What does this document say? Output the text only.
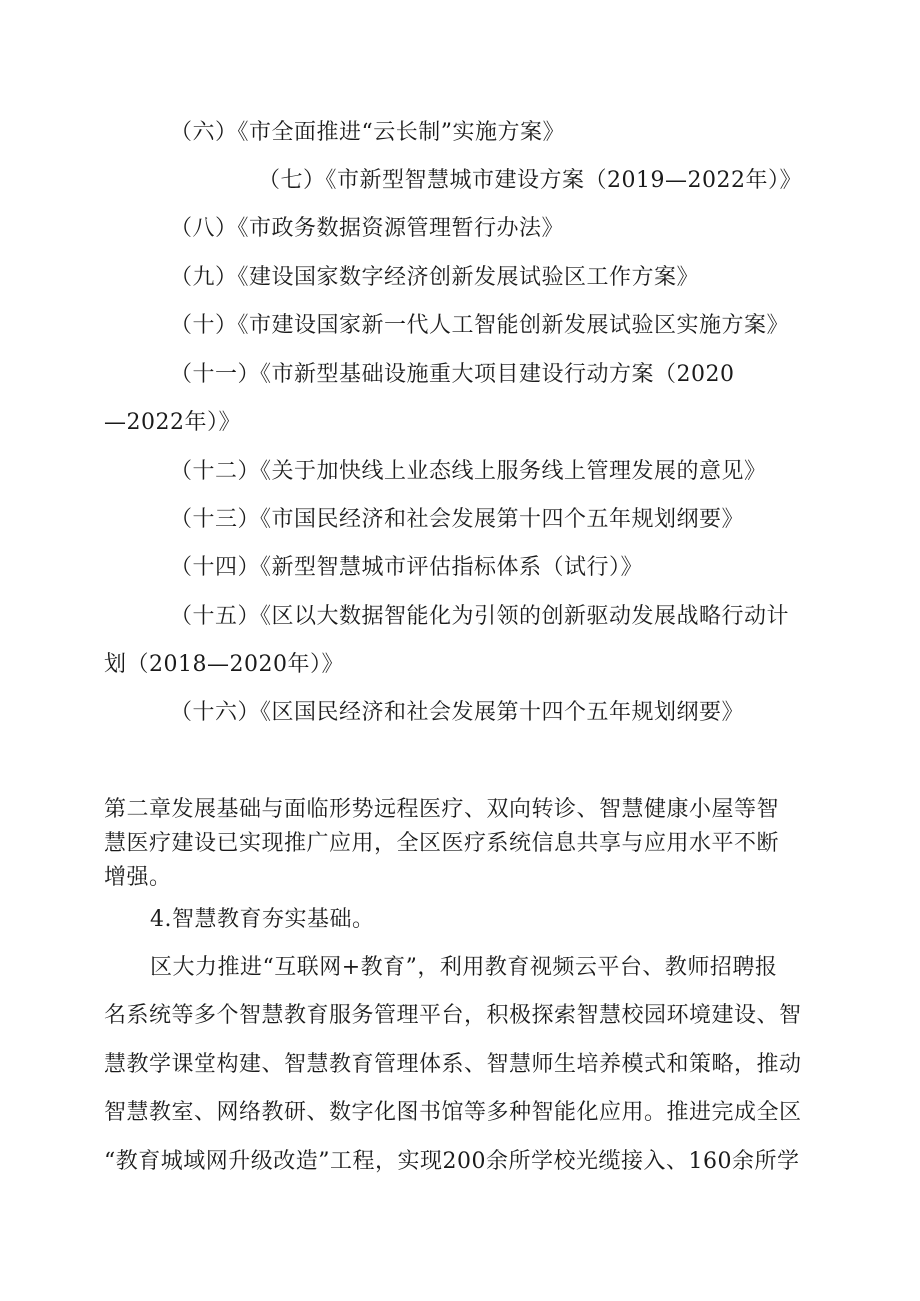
（六）《市全面推进“云长制”实施方案》

（七）《市新型智慧城市建设方案（2019—2022年）》

（八）《市政务数据资源管理暂行办法》

（九）《建设国家数字经济创新发展试验区工作方案》

（十）《市建设国家新一代人工智能创新发展试验区实施方案》

（十一）《市新型基础设施重大项目建设行动方案（2020

—2022年）》

（十二）《关于加快线上业态线上服务线上管理发展的意见》

（十三）《市国民经济和社会发展第十四个五年规划纲要》

（十四）《新型智慧城市评估指标体系（试行）》

（十五）《区以大数据智能化为引领的创新驱动发展战略行动计

划（2018—2020年）》

（十六）《区国民经济和社会发展第十四个五年规划纲要》

第二章发展基础与面临形势远程医疗、双向转诊、智慧健康小屋等智

慧医疗建设已实现推广应用，全区医疗系统信息共享与应用水平不断

增强。

4.智慧教育夯实基础。

区大力推进“互联网+教育”，利用教育视频云平台、教师招聘报

名系统等多个智慧教育服务管理平台，积极探索智慧校园环境建设、智

慧教学课堂构建、智慧教育管理体系、智慧师生培养模式和策略，推动

智慧教室、网络教研、数字化图书馆等多种智能化应用。推进完成全区

“教育城域网升级改造”工程，实现200余所学校光缆接入、160余所学
